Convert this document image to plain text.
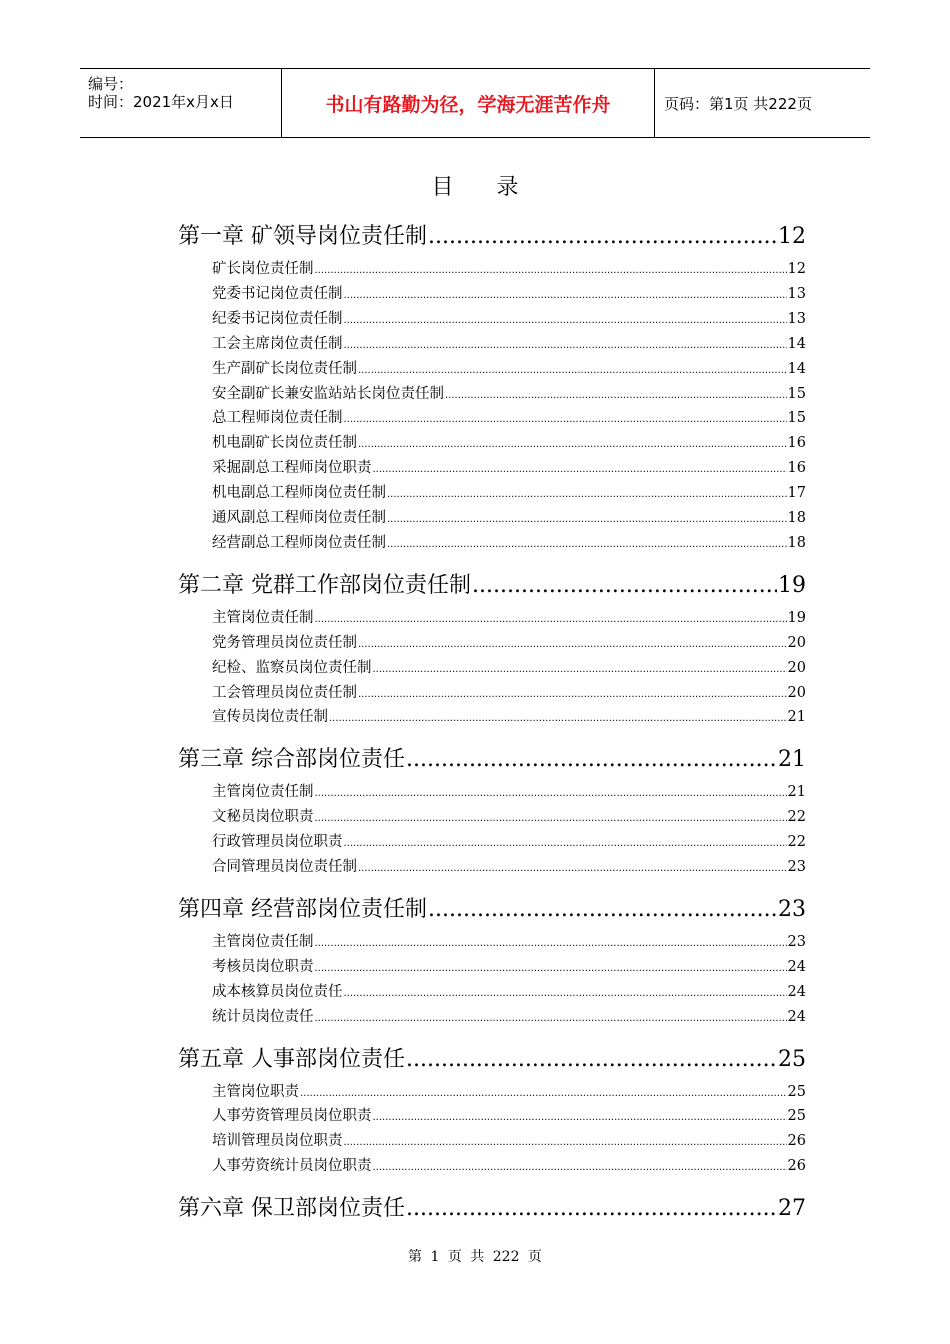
编号：
时间：2021年x月x日	书山有路勤为径，学海无涯苦作舟	页码：第1页 共222页
目 录
第一章 矿领导岗位责任制 .....	12
矿长岗位责任制 .....	12
党委书记岗位责任制 .....	13
纪委书记岗位责任制 .....	13
工会主席岗位责任制 .....	14
生产副矿长岗位责任制 .....	14
安全副矿长兼安监站站长岗位责任制 .....	15
总工程师岗位责任制 .....	15
机电副矿长岗位责任制 .....	16
采掘副总工程师岗位职责 .....	16
机电副总工程师岗位责任制 .....	17
通风副总工程师岗位责任制 .....	18
经营副总工程师岗位责任制 .....	18
第二章 党群工作部岗位责任制 .....	19
主管岗位责任制 .....	19
党务管理员岗位责任制 .....	20
纪检、监察员岗位责任制 .....	20
工会管理员岗位责任制 .....	20
宣传员岗位责任制 .....	21
第三章 综合部岗位责任 .....	21
主管岗位责任制 .....	21
文秘员岗位职责 .....	22
行政管理员岗位职责 .....	22
合同管理员岗位责任制 .....	23
第四章 经营部岗位责任制 .....	23
主管岗位责任制 .....	23
考核员岗位职责 .....	24
成本核算员岗位责任 .....	24
统计员岗位责任 .....	24
第五章 人事部岗位责任 .....	25
主管岗位职责 .....	25
人事劳资管理员岗位职责 .....	25
培训管理员岗位职责 .....	26
人事劳资统计员岗位职责 .....	26
第六章 保卫部岗位责任 .....	27
第 1 页 共 222 页
